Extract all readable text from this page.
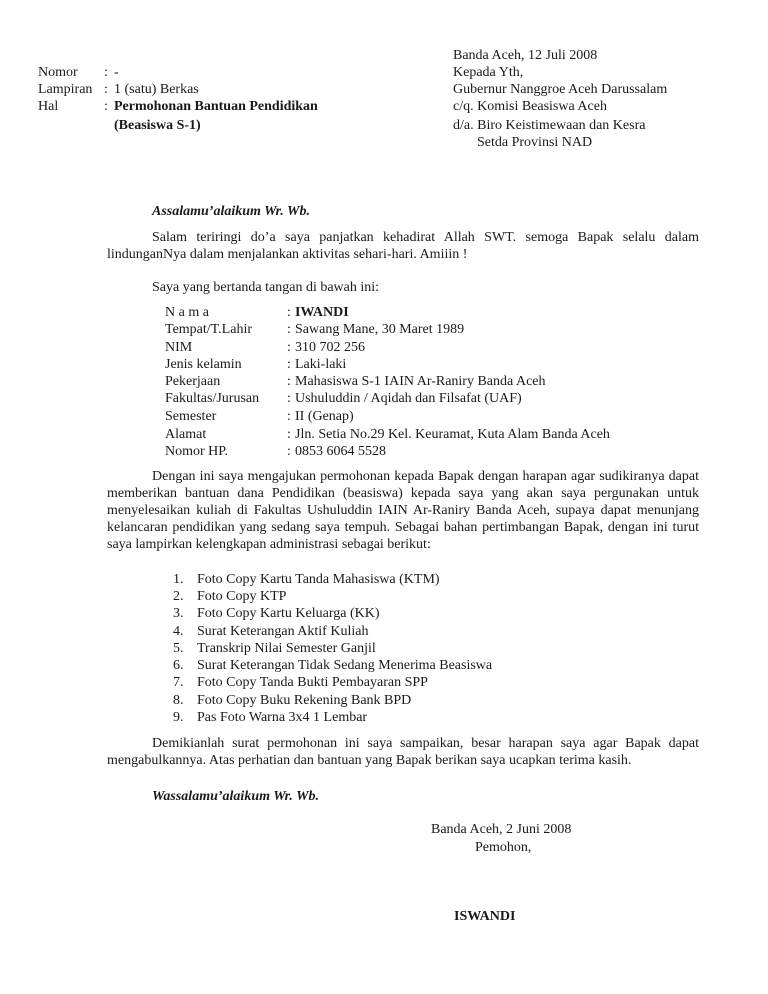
Banda Aceh, 12 Juli 2008
Nomor : -
Lampiran : 1 (satu) Berkas
Hal	: Permohonan Bantuan Pendidikan
(Beasiswa S-1)
Kepada Yth,
Gubernur Nanggroe Aceh Darussalam
c/q. Komisi Beasiswa Aceh
d/a. Biro Keistimewaan dan Kesra
Setda Provinsi NAD
Assalamu’alaikum Wr. Wb.
Salam teriringi do’a saya panjatkan kehadirat Allah SWT. semoga Bapak selalu dalam lindunganNya dalam menjalankan aktivitas sehari-hari. Amiiin !
Saya yang bertanda tangan di bawah ini:
N a m a	: IWANDI
Tempat/T.Lahir : Sawang Mane, 30 Maret 1989
NIM	: 310 702 256
Jenis kelamin	: Laki-laki
Pekerjaan	: Mahasiswa S-1 IAIN Ar-Raniry Banda Aceh
Fakultas/Jurusan : Ushuluddin / Aqidah dan Filsafat (UAF)
Semester	: II (Genap)
Alamat	: Jln. Setia No.29 Kel. Keuramat, Kuta Alam Banda Aceh
Nomor HP.	: 0853 6064 5528
Dengan ini saya mengajukan permohonan kepada Bapak dengan harapan agar sudikiranya dapat memberikan bantuan dana Pendidikan (beasiswa) kepada saya yang akan saya pergunakan untuk menyelesaikan kuliah di Fakultas Ushuluddin IAIN Ar-Raniry Banda Aceh, supaya dapat menunjang kelancaran pendidikan yang sedang saya tempuh. Sebagai bahan pertimbangan Bapak, dengan ini turut saya lampirkan kelengkapan administrasi sebagai berikut:
1. Foto Copy Kartu Tanda Mahasiswa (KTM)
2. Foto Copy KTP
3. Foto Copy Kartu Keluarga (KK)
4. Surat Keterangan Aktif Kuliah
5. Transkrip Nilai Semester Ganjil
6. Surat Keterangan Tidak Sedang Menerima Beasiswa
7. Foto Copy Tanda Bukti Pembayaran SPP
8. Foto Copy Buku Rekening Bank BPD
9. Pas Foto Warna 3x4 1 Lembar
Demikianlah surat permohonan ini saya sampaikan, besar harapan saya agar Bapak dapat mengabulkannya. Atas perhatian dan bantuan yang Bapak berikan saya ucapkan terima kasih.
Wassalamu’alaikum Wr. Wb.
Banda Aceh, 2 Juni 2008
Pemohon,
ISWANDI
